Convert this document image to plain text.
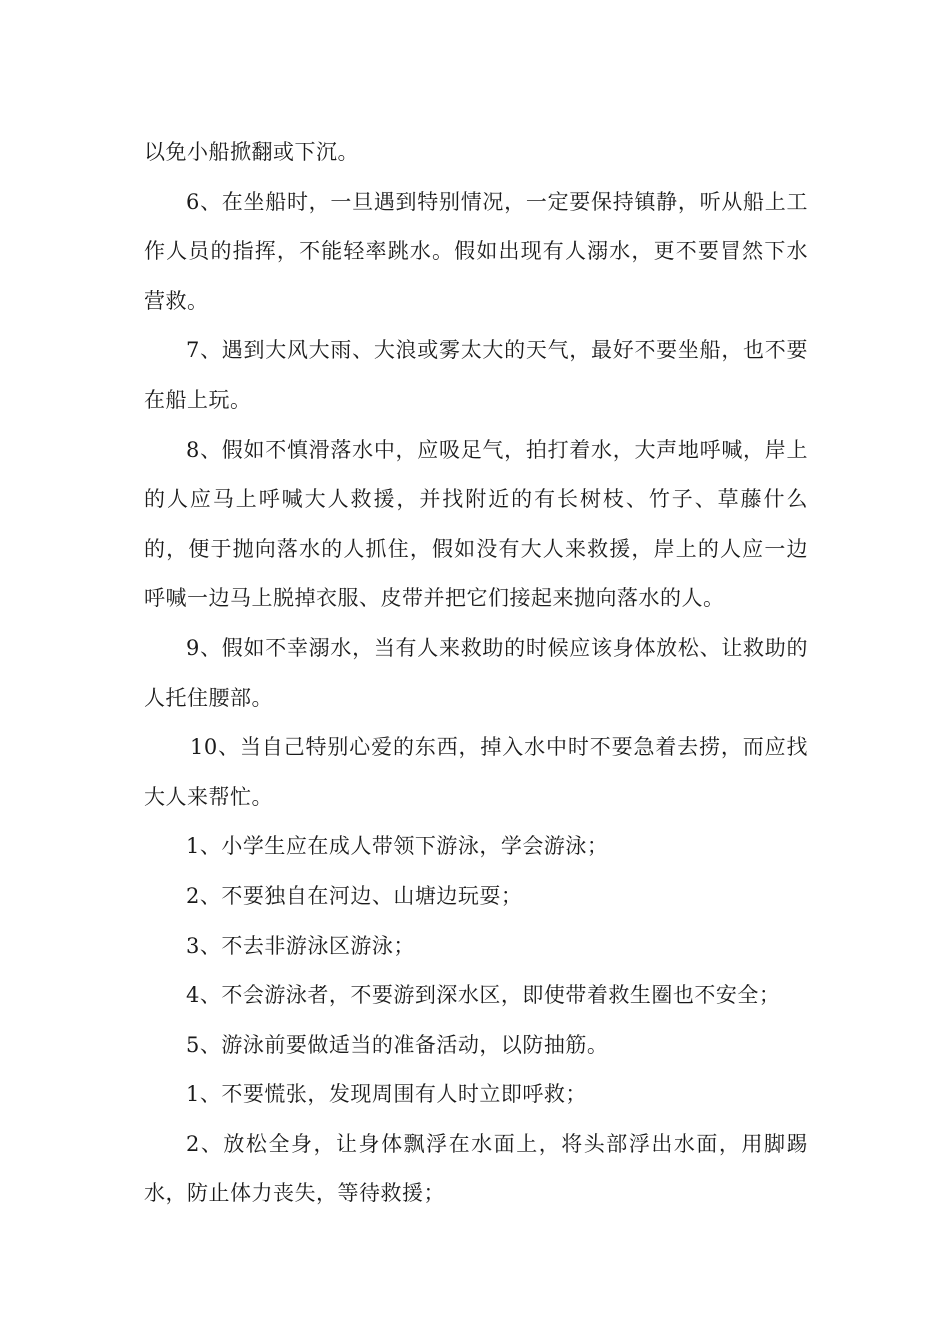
以免小船掀翻或下沉。

6、在坐船时，一旦遇到特别情况，一定要保持镇静，听从船上工作人员的指挥，不能轻率跳水。假如出现有人溺水，更不要冒然下水营救。

7、遇到大风大雨、大浪或雾太大的天气，最好不要坐船，也不要在船上玩。

8、假如不慎滑落水中，应吸足气，拍打着水，大声地呼喊，岸上的人应马上呼喊大人救援，并找附近的有长树枝、竹子、草藤什么的，便于抛向落水的人抓住，假如没有大人来救援，岸上的人应一边呼喊一边马上脱掉衣服、皮带并把它们接起来抛向落水的人。

9、假如不幸溺水，当有人来救助的时候应该身体放松、让救助的人托住腰部。

10、当自己特别心爱的东西，掉入水中时不要急着去捞，而应找大人来帮忙。

1、小学生应在成人带领下游泳，学会游泳；

2、不要独自在河边、山塘边玩耍；

3、不去非游泳区游泳；

4、不会游泳者，不要游到深水区，即使带着救生圈也不安全；

5、游泳前要做适当的准备活动，以防抽筋。

1、不要慌张，发现周围有人时立即呼救；

2、放松全身，让身体飘浮在水面上，将头部浮出水面，用脚踢水，防止体力丧失，等待救援；
